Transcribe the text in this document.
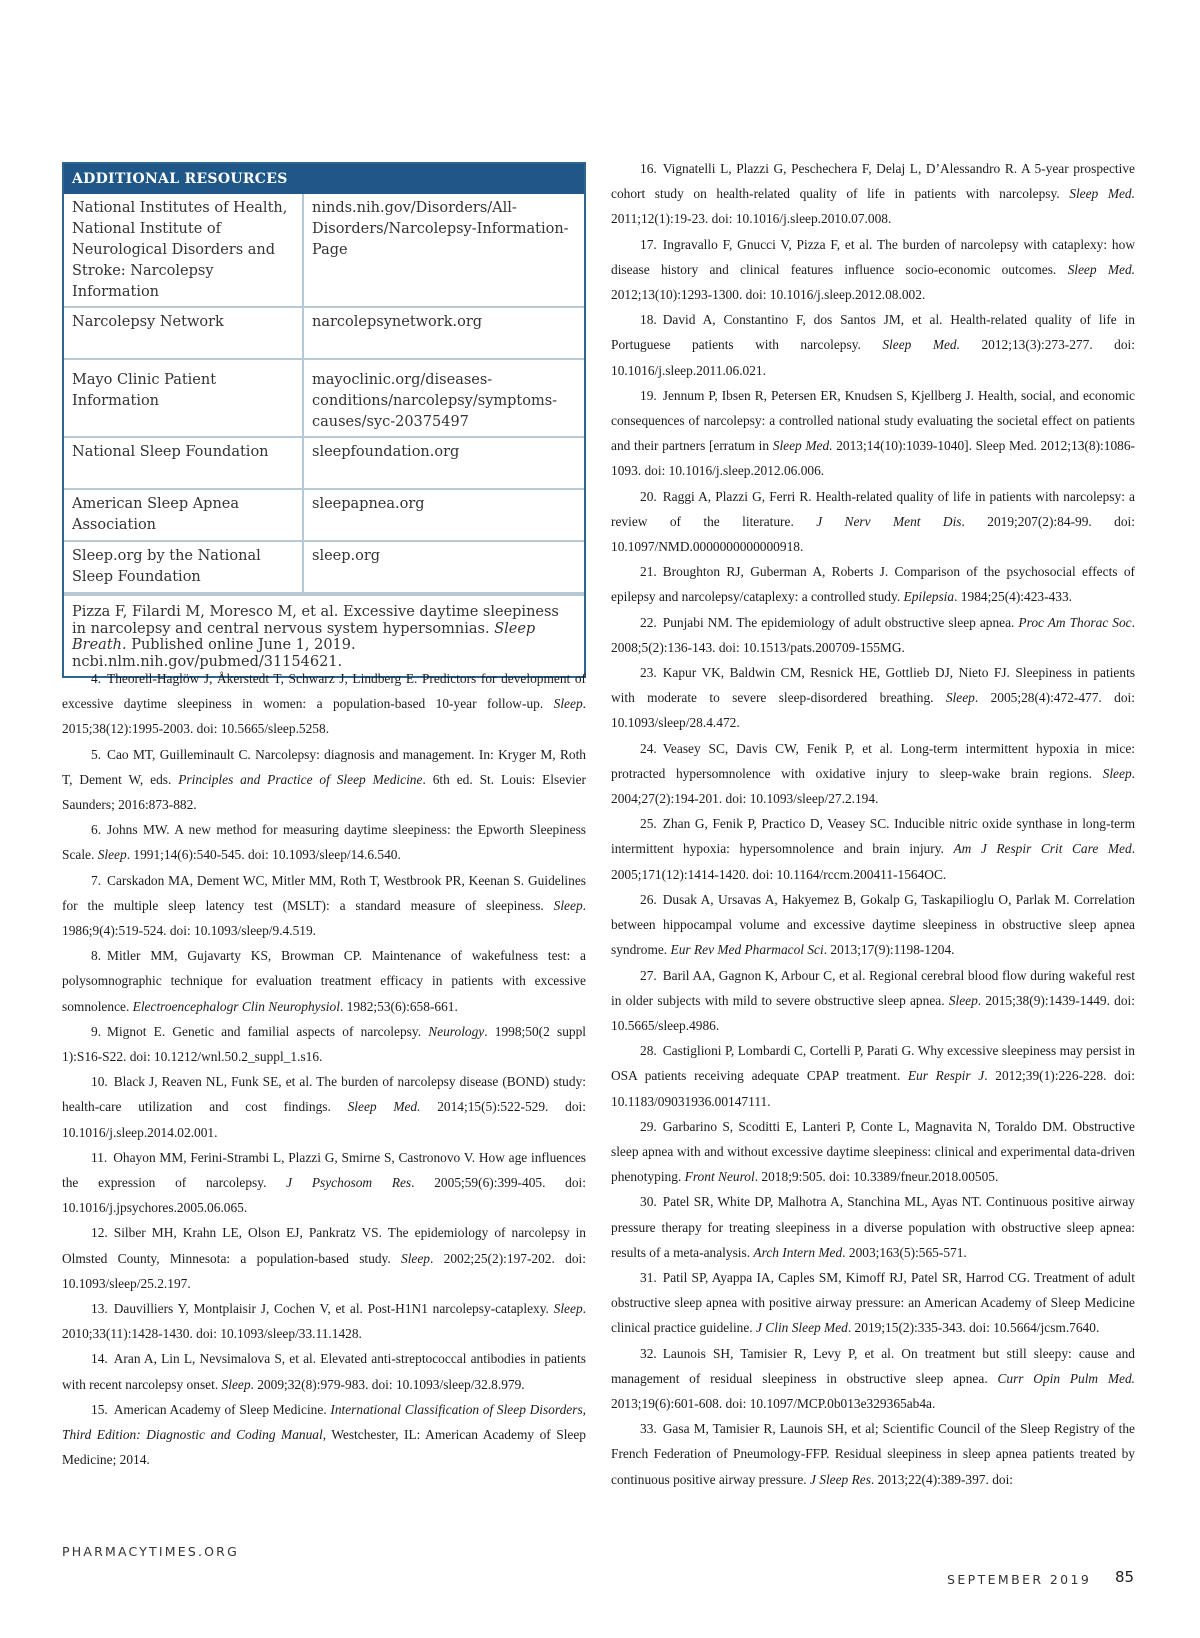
ADDITIONAL RESOURCES
National Institutes of Health, National Institute of Neurological Disorders and Stroke: Narcolepsy Information	ninds.nih.gov/Disorders/All-Disorders/Narcolepsy-Information-Page
Narcolepsy Network	narcolepsynetwork.org
Mayo Clinic Patient Information	mayoclinic.org/diseases-conditions/narcolepsy/symptoms-causes/syc-20375497
National Sleep Foundation	sleepfoundation.org
American Sleep Apnea Association	sleepapnea.org
Sleep.org by the National Sleep Foundation	sleep.org
Pizza F, Filardi M, Moresco M, et al. Excessive daytime sleepiness in narcolepsy and central nervous system hypersomnias. Sleep Breath. Published online June 1, 2019. ncbi.nlm.nih.gov/pubmed/31154621.

4. Theorell-Haglöw J, Åkerstedt T, Schwarz J, Lindberg E. Predictors for development of excessive daytime sleepiness in women: a population-based 10-year follow-up. Sleep. 2015;38(12):1995-2003. doi: 10.5665/sleep.5258.

5. Cao MT, Guilleminault C. Narcolepsy: diagnosis and management. In: Kryger M, Roth T, Dement W, eds. Principles and Practice of Sleep Medicine. 6th ed. St. Louis: Elsevier Saunders; 2016:873-882.

6. Johns MW. A new method for measuring daytime sleepiness: the Epworth Sleepiness Scale. Sleep. 1991;14(6):540-545. doi: 10.1093/sleep/14.6.540.

7. Carskadon MA, Dement WC, Mitler MM, Roth T, Westbrook PR, Keenan S. Guidelines for the multiple sleep latency test (MSLT): a standard measure of sleepiness. Sleep. 1986;9(4):519-524. doi: 10.1093/sleep/9.4.519.

8. Mitler MM, Gujavarty KS, Browman CP. Maintenance of wakefulness test: a polysomnographic technique for evaluation treatment efficacy in patients with excessive somnolence. Electroencephalogr Clin Neurophysiol. 1982;53(6):658-661.

9. Mignot E. Genetic and familial aspects of narcolepsy. Neurology. 1998;50(2 suppl 1):S16-S22. doi: 10.1212/wnl.50.2_suppl_1.s16.

10. Black J, Reaven NL, Funk SE, et al. The burden of narcolepsy disease (BOND) study: health-care utilization and cost findings. Sleep Med. 2014;15(5):522-529. doi: 10.1016/j.sleep.2014.02.001.

11. Ohayon MM, Ferini-Strambi L, Plazzi G, Smirne S, Castronovo V. How age influences the expression of narcolepsy. J Psychosom Res. 2005;59(6):399-405. doi: 10.1016/j.jpsychores.2005.06.065.

12. Silber MH, Krahn LE, Olson EJ, Pankratz VS. The epidemiology of narcolepsy in Olmsted County, Minnesota: a population-based study. Sleep. 2002;25(2):197-202. doi: 10.1093/sleep/25.2.197.

13. Dauvilliers Y, Montplaisir J, Cochen V, et al. Post-H1N1 narcolepsy-cataplexy. Sleep. 2010;33(11):1428-1430. doi: 10.1093/sleep/33.11.1428.

14. Aran A, Lin L, Nevsimalova S, et al. Elevated anti-streptococcal antibodies in patients with recent narcolepsy onset. Sleep. 2009;32(8):979-983. doi: 10.1093/sleep/32.8.979.

15. American Academy of Sleep Medicine. International Classification of Sleep Disorders, Third Edition: Diagnostic and Coding Manual, Westchester, IL: American Academy of Sleep Medicine; 2014.

16. Vignatelli L, Plazzi G, Peschechera F, Delaj L, D’Alessandro R. A 5-year prospective cohort study on health-related quality of life in patients with narcolepsy. Sleep Med. 2011;12(1):19-23. doi: 10.1016/j.sleep.2010.07.008.

17. Ingravallo F, Gnucci V, Pizza F, et al. The burden of narcolepsy with cataplexy: how disease history and clinical features influence socio-economic outcomes. Sleep Med. 2012;13(10):1293-1300. doi: 10.1016/j.sleep.2012.08.002.

18. David A, Constantino F, dos Santos JM, et al. Health-related quality of life in Portuguese patients with narcolepsy. Sleep Med. 2012;13(3):273-277. doi: 10.1016/j.sleep.2011.06.021.

19. Jennum P, Ibsen R, Petersen ER, Knudsen S, Kjellberg J. Health, social, and economic consequences of narcolepsy: a controlled national study evaluating the societal effect on patients and their partners [erratum in Sleep Med. 2013;14(10):1039-1040]. Sleep Med. 2012;13(8):1086-1093. doi: 10.1016/j.sleep.2012.06.006.

20. Raggi A, Plazzi G, Ferri R. Health-related quality of life in patients with narcolepsy: a review of the literature. J Nerv Ment Dis. 2019;207(2):84-99. doi: 10.1097/NMD.0000000000000918.

21. Broughton RJ, Guberman A, Roberts J. Comparison of the psychosocial effects of epilepsy and narcolepsy/cataplexy: a controlled study. Epilepsia. 1984;25(4):423-433.

22. Punjabi NM. The epidemiology of adult obstructive sleep apnea. Proc Am Thorac Soc. 2008;5(2):136-143. doi: 10.1513/pats.200709-155MG.

23. Kapur VK, Baldwin CM, Resnick HE, Gottlieb DJ, Nieto FJ. Sleepiness in patients with moderate to severe sleep-disordered breathing. Sleep. 2005;28(4):472-477. doi: 10.1093/sleep/28.4.472.

24. Veasey SC, Davis CW, Fenik P, et al. Long-term intermittent hypoxia in mice: protracted hypersomnolence with oxidative injury to sleep-wake brain regions. Sleep. 2004;27(2):194-201. doi: 10.1093/sleep/27.2.194.

25. Zhan G, Fenik P, Practico D, Veasey SC. Inducible nitric oxide synthase in long-term intermittent hypoxia: hypersomnolence and brain injury. Am J Respir Crit Care Med. 2005;171(12):1414-1420. doi: 10.1164/rccm.200411-1564OC.

26. Dusak A, Ursavas A, Hakyemez B, Gokalp G, Taskapilioglu O, Parlak M. Correlation between hippocampal volume and excessive daytime sleepiness in obstructive sleep apnea syndrome. Eur Rev Med Pharmacol Sci. 2013;17(9):1198-1204.

27. Baril AA, Gagnon K, Arbour C, et al. Regional cerebral blood flow during wakeful rest in older subjects with mild to severe obstructive sleep apnea. Sleep. 2015;38(9):1439-1449. doi: 10.5665/sleep.4986.

28. Castiglioni P, Lombardi C, Cortelli P, Parati G. Why excessive sleepiness may persist in OSA patients receiving adequate CPAP treatment. Eur Respir J. 2012;39(1):226-228. doi: 10.1183/09031936.00147111.

29. Garbarino S, Scoditti E, Lanteri P, Conte L, Magnavita N, Toraldo DM. Obstructive sleep apnea with and without excessive daytime sleepiness: clinical and experimental data-driven phenotyping. Front Neurol. 2018;9:505. doi: 10.3389/fneur.2018.00505.

30. Patel SR, White DP, Malhotra A, Stanchina ML, Ayas NT. Continuous positive airway pressure therapy for treating sleepiness in a diverse population with obstructive sleep apnea: results of a meta-analysis. Arch Intern Med. 2003;163(5):565-571.

31. Patil SP, Ayappa IA, Caples SM, Kimoff RJ, Patel SR, Harrod CG. Treatment of adult obstructive sleep apnea with positive airway pressure: an American Academy of Sleep Medicine clinical practice guideline. J Clin Sleep Med. 2019;15(2):335-343. doi: 10.5664/jcsm.7640.

32. Launois SH, Tamisier R, Levy P, et al. On treatment but still sleepy: cause and management of residual sleepiness in obstructive sleep apnea. Curr Opin Pulm Med. 2013;19(6):601-608. doi: 10.1097/MCP.0b013e329365ab4a.

33. Gasa M, Tamisier R, Launois SH, et al; Scientific Council of the Sleep Registry of the French Federation of Pneumology-FFP. Residual sleepiness in sleep apnea patients treated by continuous positive airway pressure. J Sleep Res. 2013;22(4):389-397. doi:

PHARMACYTIMES.ORG
SEPTEMBER 2019 85
